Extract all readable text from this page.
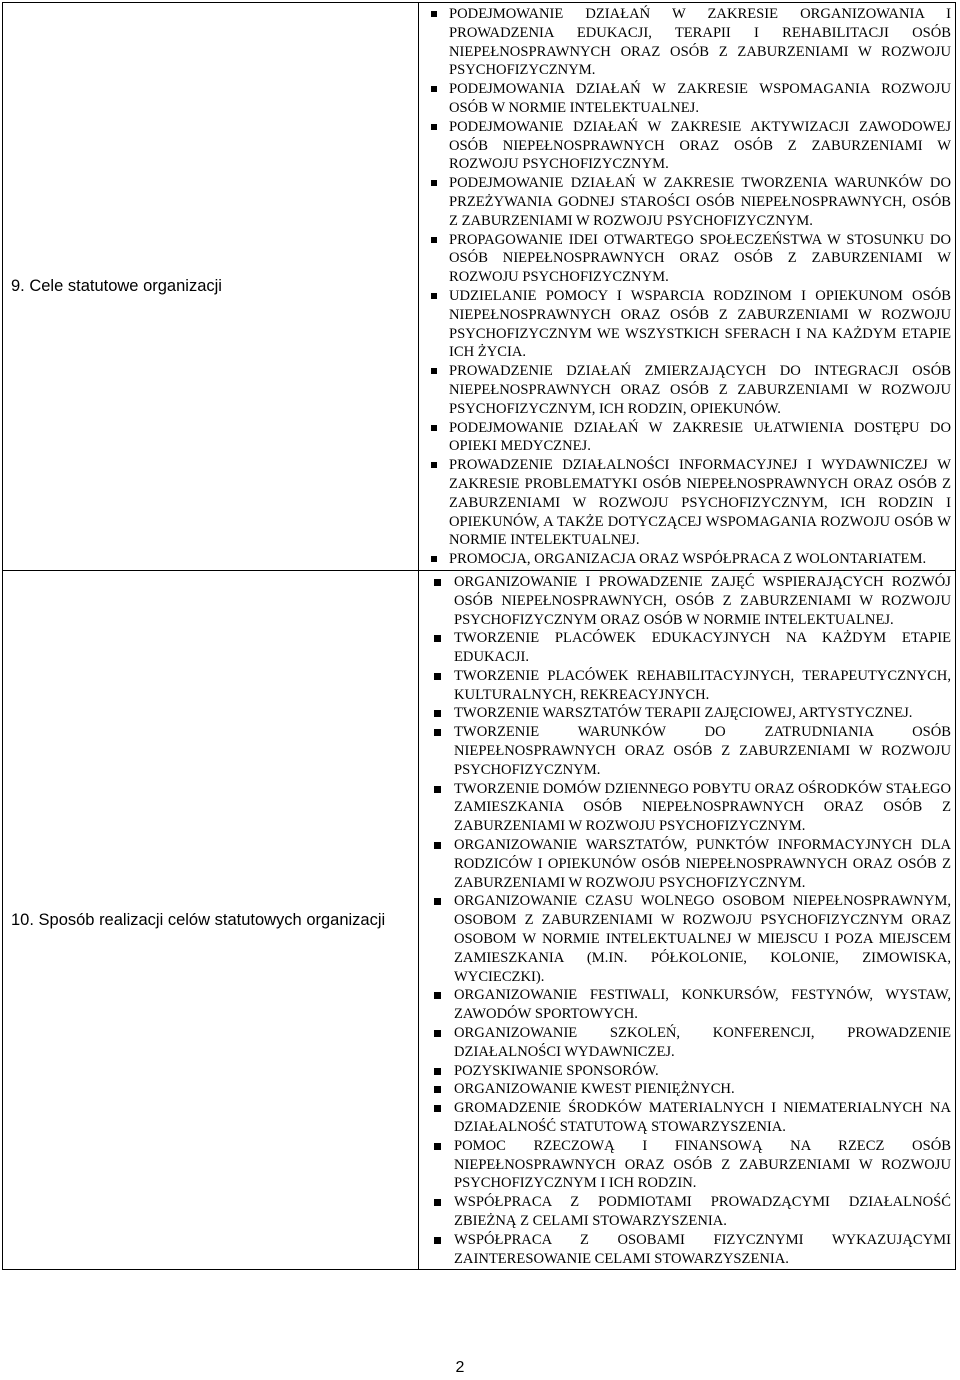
9. Cele statutowe organizacji
PODEJMOWANIE DZIAŁAŃ W ZAKRESIE ORGANIZOWANIA I PROWADZENIA EDUKACJI, TERAPII I REHABILITACJI OSÓB NIEPEŁNOSPRAWNYCH ORAZ OSÓB Z ZABURZENIAMI W ROZWOJU PSYCHOFIZYCZNYM.
PODEJMOWANIA DZIAŁAŃ W ZAKRESIE WSPOMAGANIA ROZWOJU OSÓB W NORMIE INTELEKTUALNEJ.
PODEJMOWANIE DZIAŁAŃ W ZAKRESIE AKTYWIZACJI ZAWODOWEJ OSÓB NIEPEŁNOSPRAWNYCH ORAZ OSÓB Z ZABURZENIAMI W ROZWOJU PSYCHOFIZYCZNYM.
PODEJMOWANIE DZIAŁAŃ W ZAKRESIE TWORZENIA WARUNKÓW DO PRZEŻYWANIA GODNEJ STAROŚCI OSÓB NIEPEŁNOSPRAWNYCH, OSÓB Z ZABURZENIAMI W ROZWOJU PSYCHOFIZYCZNYM.
PROPAGOWANIE IDEI OTWARTEGO SPOŁECZEŃSTWA W STOSUNKU DO OSÓB NIEPEŁNOSPRAWNYCH ORAZ OSÓB Z ZABURZENIAMI W ROZWOJU PSYCHOFIZYCZNYM.
UDZIELANIE POMOCY I WSPARCIA RODZINOM I OPIEKUNOM OSÓB NIEPEŁNOSPRAWNYCH ORAZ OSÓB Z ZABURZENIAMI W ROZWOJU PSYCHOFIZYCZNYM WE WSZYSTKICH SFERACH I NA KAŻDYM ETAPIE ICH ŻYCIA.
PROWADZENIE DZIAŁAŃ ZMIERZAJĄCYCH DO INTEGRACJI OSÓB NIEPEŁNOSPRAWNYCH ORAZ OSÓB Z ZABURZENIAMI W ROZWOJU PSYCHOFIZYCZNYM, ICH RODZIN, OPIEKUNÓW.
PODEJMOWANIE DZIAŁAŃ W ZAKRESIE UŁATWIENIA DOSTĘPU DO OPIEKI MEDYCZNEJ.
PROWADZENIE DZIAŁALNOŚCI INFORMACYJNEJ I WYDAWNICZEJ W ZAKRESIE PROBLEMATYKI OSÓB NIEPEŁNOSPRAWNYCH ORAZ OSÓB Z ZABURZENIAMI W ROZWOJU PSYCHOFIZYCZNYM, ICH RODZIN I OPIEKUNÓW, A TAKŻE DOTYCZĄCEJ WSPOMAGANIA ROZWOJU OSÓB W NORMIE INTELEKTUALNEJ.
PROMOCJA, ORGANIZACJA ORAZ WSPÓŁPRACA Z WOLONTARIATEM.
10. Sposób realizacji celów statutowych organizacji
ORGANIZOWANIE I PROWADZENIE ZAJĘĆ WSPIERAJĄCYCH ROZWÓJ OSÓB NIEPEŁNOSPRAWNYCH, OSÓB Z ZABURZENIAMI W ROZWOJU PSYCHOFIZYCZNYM ORAZ OSÓB W NORMIE INTELEKTUALNEJ.
TWORZENIE PLACÓWEK EDUKACYJNYCH NA KAŻDYM ETAPIE EDUKACJI.
TWORZENIE PLACÓWEK REHABILITACYJNYCH, TERAPEUTYCZNYCH, KULTURALNYCH, REKREACYJNYCH.
TWORZENIE WARSZTATÓW TERAPII ZAJĘCIOWEJ, ARTYSTYCZNEJ.
TWORZENIE WARUNKÓW DO ZATRUDNIANIA OSÓB NIEPEŁNOSPRAWNYCH ORAZ OSÓB Z ZABURZENIAMI W ROZWOJU PSYCHOFIZYCZNYM.
TWORZENIE DOMÓW DZIENNEGO POBYTU ORAZ OŚRODKÓW STAŁEGO ZAMIESZKANIA OSÓB NIEPEŁNOSPRAWNYCH ORAZ OSÓB Z ZABURZENIAMI W ROZWOJU PSYCHOFIZYCZNYM.
ORGANIZOWANIE WARSZTATÓW, PUNKTÓW INFORMACYJNYCH DLA RODZICÓW I OPIEKUNÓW OSÓB NIEPEŁNOSPRAWNYCH ORAZ OSÓB Z ZABURZENIAMI W ROZWOJU PSYCHOFIZYCZNYM.
ORGANIZOWANIE CZASU WOLNEGO OSOBOM NIEPEŁNOSPRAWNYM, OSOBOM Z ZABURZENIAMI W ROZWOJU PSYCHOFIZYCZNYM ORAZ OSOBOM W NORMIE INTELEKTUALNEJ W MIEJSCU I POZA MIEJSCEM ZAMIESZKANIA (M.IN. PÓŁKOLONIE, KOLONIE, ZIMOWISKA, WYCIECZKI).
ORGANIZOWANIE FESTIWALI, KONKURSÓW, FESTYNÓW, WYSTAW, ZAWODÓW SPORTOWYCH.
ORGANIZOWANIE SZKOLEŃ, KONFERENCJI, PROWADZENIE DZIAŁALNOŚCI WYDAWNICZEJ.
POZYSKIWANIE SPONSORÓW.
ORGANIZOWANIE KWEST PIENIĘŻNYCH.
GROMADZENIE ŚRODKÓW MATERIALNYCH I NIEMATERIALNYCH NA DZIAŁALNOŚĆ STATUTOWĄ STOWARZYSZENIA.
POMOC RZECZOWĄ I FINANSOWĄ NA RZECZ OSÓB NIEPEŁNOSPRAWNYCH ORAZ OSÓB Z ZABURZENIAMI W ROZWOJU PSYCHOFIZYCZNYM I ICH RODZIN.
WSPÓŁPRACA Z PODMIOTAMI PROWADZĄCYMI DZIAŁALNOŚĆ ZBIEŻNĄ Z CELAMI STOWARZYSZENIA.
WSPÓŁPRACA Z OSOBAMI FIZYCZNYMI WYKAZUJĄCYMI ZAINTERESOWANIE CELAMI STOWARZYSZENIA.
2
